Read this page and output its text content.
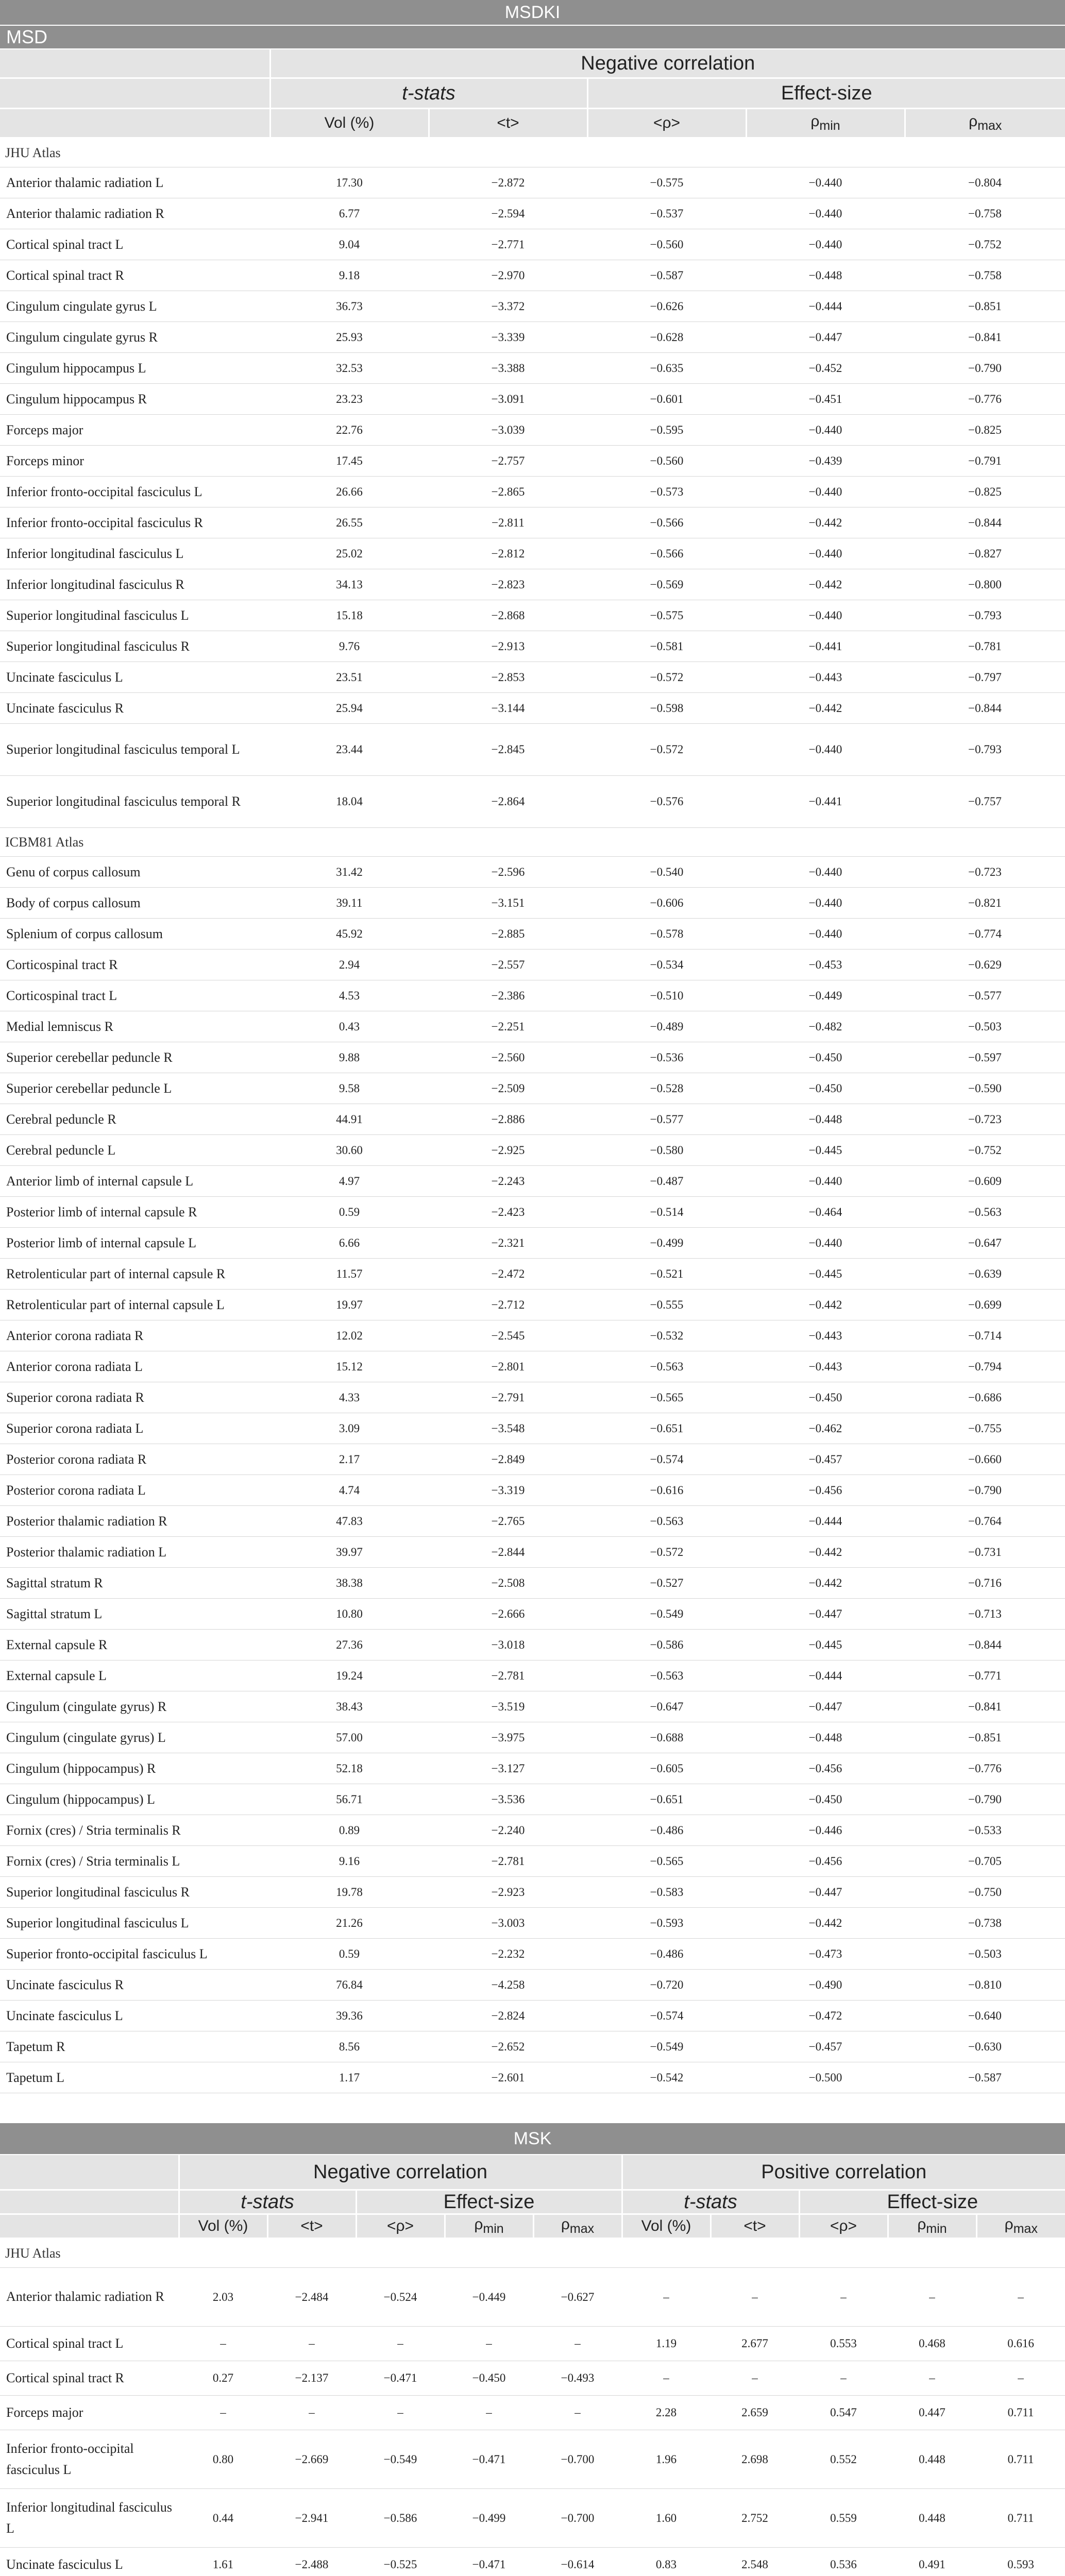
MSDKI					
MSD					
	Negative correlation				
	t-stats		Effect-size		
	Vol (%)	<t>	<ρ>	$\rho_{min}$	$\rho_{max}$
JHU Atlas					
Anterior thalamic radiation L	17.30	−2.872	−0.575	−0.440	−0.804
Anterior thalamic radiation R	6.77	−2.594	−0.537	−0.440	−0.758
Cortical spinal tract L	9.04	−2.771	−0.560	−0.440	−0.752
Cortical spinal tract R	9.18	−2.970	−0.587	−0.448	−0.758
Cingulum cingulate gyrus L	36.73	−3.372	−0.626	−0.444	−0.851
Cingulum cingulate gyrus R	25.93	−3.339	−0.628	−0.447	−0.841
Cingulum hippocampus L	32.53	−3.388	−0.635	−0.452	−0.790
Cingulum hippocampus R	23.23	−3.091	−0.601	−0.451	−0.776
Forceps major	22.76	−3.039	−0.595	−0.440	−0.825
Forceps minor	17.45	−2.757	−0.560	−0.439	−0.791
Inferior fronto-occipital fasciculus L	26.66	−2.865	−0.573	−0.440	−0.825
Inferior fronto-occipital fasciculus R	26.55	−2.811	−0.566	−0.442	−0.844
Inferior longitudinal fasciculus L	25.02	−2.812	−0.566	−0.440	−0.827
Inferior longitudinal fasciculus R	34.13	−2.823	−0.569	−0.442	−0.800
Superior longitudinal fasciculus L	15.18	−2.868	−0.575	−0.440	−0.793
Superior longitudinal fasciculus R	9.76	−2.913	−0.581	−0.441	−0.781
Uncinate fasciculus L	23.51	−2.853	−0.572	−0.443	−0.797
Uncinate fasciculus R	25.94	−3.144	−0.598	−0.442	−0.844
Superior longitudinal fasciculus temporal L	23.44	−2.845	−0.572	−0.440	−0.793
Superior longitudinal fasciculus temporal R	18.04	−2.864	−0.576	−0.441	−0.757
ICBM81 Atlas					
Genu of corpus callosum	31.42	−2.596	−0.540	−0.440	−0.723
Body of corpus callosum	39.11	−3.151	−0.606	−0.440	−0.821
Splenium of corpus callosum	45.92	−2.885	−0.578	−0.440	−0.774
Corticospinal tract R	2.94	−2.557	−0.534	−0.453	−0.629
Corticospinal tract L	4.53	−2.386	−0.510	−0.449	−0.577
Medial lemniscus R	0.43	−2.251	−0.489	−0.482	−0.503
Superior cerebellar peduncle R	9.88	−2.560	−0.536	−0.450	−0.597
Superior cerebellar peduncle L	9.58	−2.509	−0.528	−0.450	−0.590
Cerebral peduncle R	44.91	−2.886	−0.577	−0.448	−0.723
Cerebral peduncle L	30.60	−2.925	−0.580	−0.445	−0.752
Anterior limb of internal capsule L	4.97	−2.243	−0.487	−0.440	−0.609
Posterior limb of internal capsule R	0.59	−2.423	−0.514	−0.464	−0.563
Posterior limb of internal capsule L	6.66	−2.321	−0.499	−0.440	−0.647
Retrolenticular part of internal capsule R	11.57	−2.472	−0.521	−0.445	−0.639
Retrolenticular part of internal capsule L	19.97	−2.712	−0.555	−0.442	−0.699
Anterior corona radiata R	12.02	−2.545	−0.532	−0.443	−0.714
Anterior corona radiata L	15.12	−2.801	−0.563	−0.443	−0.794
Superior corona radiata R	4.33	−2.791	−0.565	−0.450	−0.686
Superior corona radiata L	3.09	−3.548	−0.651	−0.462	−0.755
Posterior corona radiata R	2.17	−2.849	−0.574	−0.457	−0.660
Posterior corona radiata L	4.74	−3.319	−0.616	−0.456	−0.790
Posterior thalamic radiation R	47.83	−2.765	−0.563	−0.444	−0.764
Posterior thalamic radiation L	39.97	−2.844	−0.572	−0.442	−0.731
Sagittal stratum R	38.38	−2.508	−0.527	−0.442	−0.716
Sagittal stratum L	10.80	−2.666	−0.549	−0.447	−0.713
External capsule R	27.36	−3.018	−0.586	−0.445	−0.844
External capsule L	19.24	−2.781	−0.563	−0.444	−0.771
Cingulum (cingulate gyrus) R	38.43	−3.519	−0.647	−0.447	−0.841
Cingulum (cingulate gyrus) L	57.00	−3.975	−0.688	−0.448	−0.851
Cingulum (hippocampus) R	52.18	−3.127	−0.605	−0.456	−0.776
Cingulum (hippocampus) L	56.71	−3.536	−0.651	−0.450	−0.790
Fornix (cres) / Stria terminalis R	0.89	−2.240	−0.486	−0.446	−0.533
Fornix (cres) / Stria terminalis L	9.16	−2.781	−0.565	−0.456	−0.705
Superior longitudinal fasciculus R	19.78	−2.923	−0.583	−0.447	−0.750
Superior longitudinal fasciculus L	21.26	−3.003	−0.593	−0.442	−0.738
Superior fronto-occipital fasciculus L	0.59	−2.232	−0.486	−0.473	−0.503
Uncinate fasciculus R	76.84	−4.258	−0.720	−0.490	−0.810
Uncinate fasciculus L	39.36	−2.824	−0.574	−0.472	−0.640
Tapetum R	8.56	−2.652	−0.549	−0.457	−0.630
Tapetum L	1.17	−2.601	−0.542	−0.500	−0.587
MSK										
	Negative correlation					Positive correlation				
	t-stats		Effect-size			t-stats		Effect-size		
	Vol (%)	<t>	<ρ>	$\rho_{min}$	$\rho_{max}$	Vol (%)	<t>	<ρ>	$\rho_{min}$	$\rho_{max}$
JHU Atlas										
Anterior thalamic radiation R	2.03	−2.484	−0.524	−0.449	−0.627	–	–	–	–	–
Cortical spinal tract L	–	–	–	–	–	1.19	2.677	0.553	0.468	0.616
Cortical spinal tract R	0.27	−2.137	−0.471	−0.450	−0.493	–	–	–	–	–
Forceps major	–	–	–	–	–	2.28	2.659	0.547	0.447	0.711
Inferior fronto-occipital fasciculus L	0.80	−2.669	−0.549	−0.471	−0.700	1.96	2.698	0.552	0.448	0.711
Inferior longitudinal fasciculus L	0.44	−2.941	−0.586	−0.499	−0.700	1.60	2.752	0.559	0.448	0.711
Uncinate fasciculus L	1.61	−2.488	−0.525	−0.471	−0.614	0.83	2.548	0.536	0.491	0.593
